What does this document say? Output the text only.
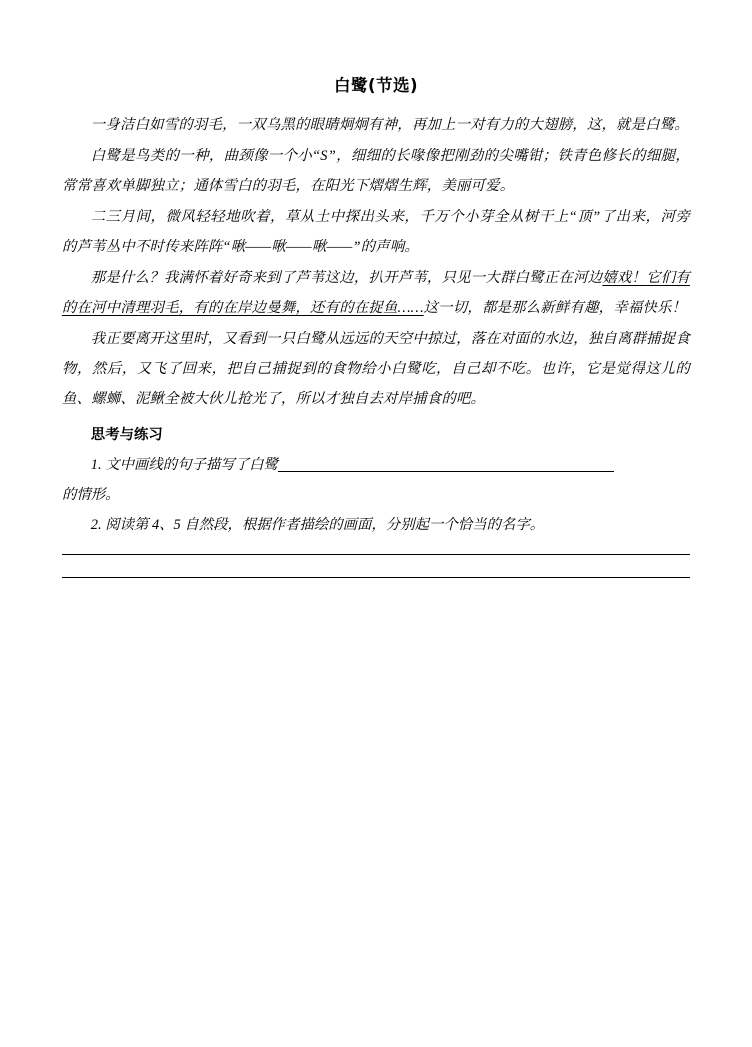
白鹭(节选)

一身洁白如雪的羽毛，一双乌黑的眼睛炯炯有神，再加上一对有力的大翅膀，这，就是白鹭。

白鹭是鸟类的一种，曲颈像一个小“S”，细细的长喙像把刚劲的尖嘴钳；铁青色修长的细腿，常常喜欢单脚独立；通体雪白的羽毛，在阳光下熠熠生辉，美丽可爱。

二三月间，微风轻轻地吹着，草从土中探出头来，千万个小芽全从树干上“顶”了出来，河旁的芦苇丛中不时传来阵阵“啾——啾——啾——”的声响。

那是什么？我满怀着好奇来到了芦苇这边，扒开芦苇，只见一大群白鹭正在河边嬉戏！它们有的在河中清理羽毛，有的在岸边曼舞，还有的在捉鱼……这一切，都是那么新鲜有趣，幸福快乐！

我正要离开这里时，又看到一只白鹭从远远的天空中掠过，落在对面的水边，独自离群捕捉食物，然后，又飞了回来，把自己捕捉到的食物给小白鹭吃，自己却不吃。也许，它是觉得这儿的鱼、螺蛳、泥鳅全被大伙儿抢光了，所以才独自去对岸捕食的吧。

思考与练习

1. 文中画线的句子描写了白鹭

的情形。

2. 阅读第 4、5 自然段，根据作者描绘的画面，分别起一个恰当的名字。
